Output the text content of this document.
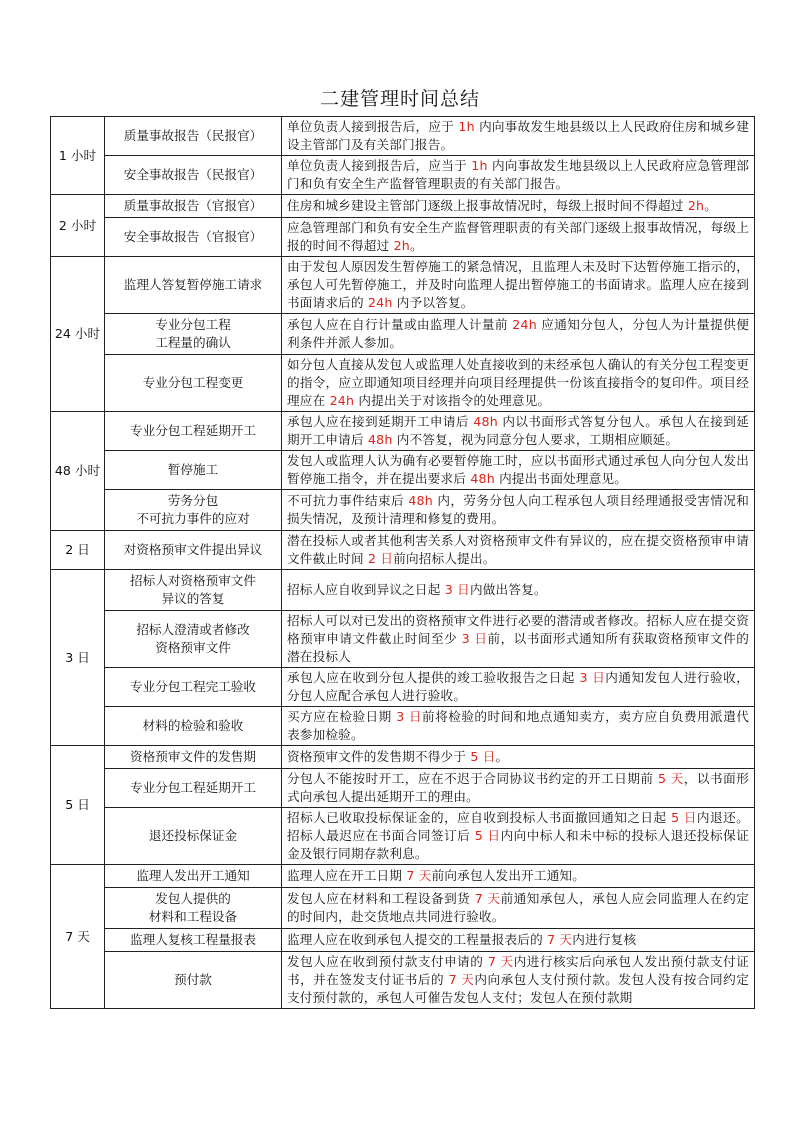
二建管理时间总结
1 小时	质量事故报告（民报官）	单位负责人接到报告后，应于 1h 内向事故发生地县级以上人民政府住房和城乡建设主管部门及有关部门报告。

	安全事故报告（民报官）	单位负责人接到报告后，应当于 1h 内向事故发生地县级以上人民政府应急管理部门和负有安全生产监督管理职责的有关部门报告。
2 小时	质量事故报告（官报官）	住房和城乡建设主管部门逐级上报事故情况时，每级上报时间不得超过 2h。

	安全事故报告（官报官）	应急管理部门和负有安全生产监督管理职责的有关部门逐级上报事故情况，每级上报的时间不得超过 2h。
24 小时	监理人答复暂停施工请求	由于发包人原因发生暂停施工的紧急情况，且监理人未及时下达暂停施工指示的，承包人可先暂停施工，并及时向监理人提出暂停施工的书面请求。监理人应在接到书面请求后的 24h 内予以答复。

	专业分包工程
工程量的确认	承包人应在自行计量或由监理人计量前 24h 应通知分包人，分包人为计量提供便利条件并派人参加。

	专业分包工程变更	如分包人直接从发包人或监理人处直接收到的未经承包人确认的有关分包工程变更的指令，应立即通知项目经理并向项目经理提供一份该直接指令的复印件。项目经理应在 24h 内提出关于对该指令的处理意见。
48 小时	专业分包工程延期开工	承包人应在接到延期开工申请后 48h 内以书面形式答复分包人。承包人在接到延期开工申请后 48h 内不答复，视为同意分包人要求，工期相应顺延。

	暂停施工	发包人或监理人认为确有必要暂停施工时，应以书面形式通过承包人向分包人发出暂停施工指令，并在提出要求后 48h 内提出书面处理意见。

	劳务分包
不可抗力事件的应对	不可抗力事件结束后 48h 内，劳务分包人向工程承包人项目经理通报受害情况和损失情况，及预计清理和修复的费用。
2 日	对资格预审文件提出异议	潜在投标人或者其他利害关系人对资格预审文件有异议的，应在提交资格预审申请文件截止时间 2 日前向招标人提出。
3 日	招标人对资格预审文件
异议的答复	招标人应自收到异议之日起 3 日内做出答复。

	招标人澄清或者修改
资格预审文件	招标人可以对已发出的资格预审文件进行必要的潜清或者修改。招标人应在提交资格预审申请文件截止时间至少 3 日前，以书面形式通知所有获取资格预审文件的潜在投标人

	专业分包工程完工验收	承包人应在收到分包人提供的竣工验收报告之日起 3 日内通知发包人进行验收，分包人应配合承包人进行验收。

	材料的检验和验收	买方应在检验日期 3 日前将检验的时间和地点通知卖方，卖方应自负费用派遣代表参加检验。
5 日	资格预审文件的发售期	资格预审文件的发售期不得少于 5 日。

	专业分包工程延期开工	分包人不能按时开工，应在不迟于合同协议书约定的开工日期前 5 天，以书面形式向承包人提出延期开工的理由。

	退还投标保证金	招标人已收取投标保证金的，应自收到投标人书面撤回通知之日起 5 日内退还。招标人最迟应在书面合同签订后 5 日内向中标人和未中标的投标人退还投标保证金及银行同期存款利息。
7 天	监理人发出开工通知	监理人应在开工日期 7 天前向承包人发出开工通知。

	发包人提供的
材料和工程设备	发包人应在材料和工程设备到货 7 天前通知承包人，承包人应会同监理人在约定的时间内，赴交货地点共同进行验收。

	监理人复核工程量报表	监理人应在收到承包人提交的工程量报表后的 7 天内进行复核

	预付款	发包人应在收到预付款支付申请的 7 天内进行核实后向承包人发出预付款支付证书，并在签发支付证书后的 7 天内向承包人支付预付款。发包人没有按合同约定支付预付款的，承包人可催告发包人支付；发包人在预付款期
